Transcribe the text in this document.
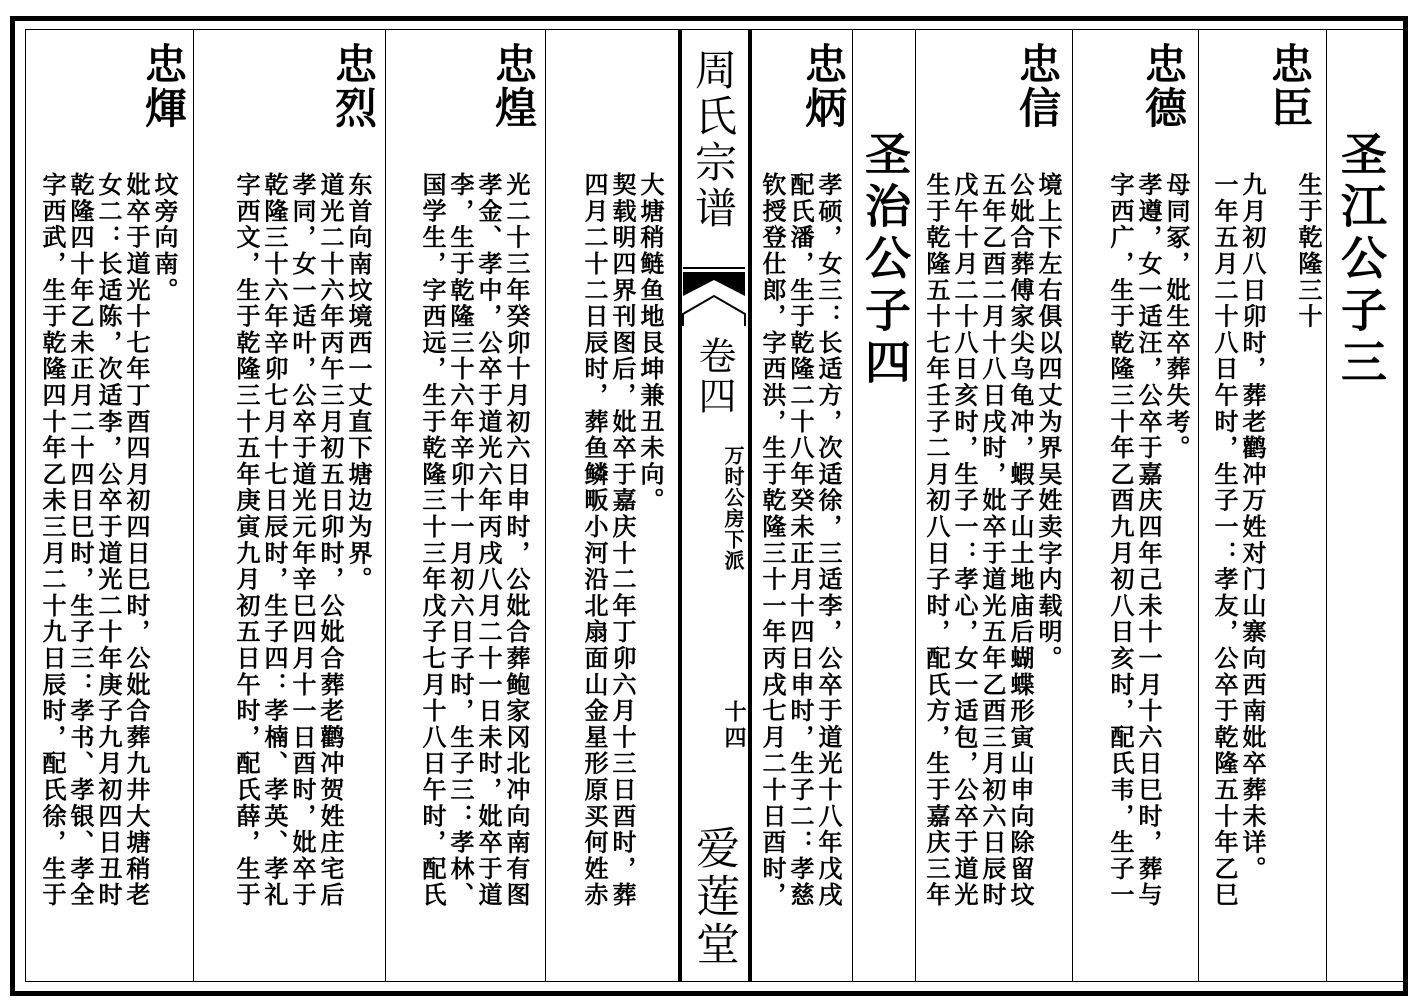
周氏宗谱
卷四
万时公房下派
十四
爱莲堂
圣江公子三
圣治公子四
忠臣
九月初八日卯时，葬老鹳冲万姓对门山寨向西南妣卒葬未详。
一年五月二十八日午时，生子一：孝友，公卒于乾隆五十年乙巳	生于乾隆三十
忠德
母同冢，妣生卒葬失考。
孝遵，女一适汪，公卒于嘉庆四年己未十一月十六日巳时，葬与
字西广，生于乾隆三十年乙酉九月初八日亥时，配氏韦，生子一
忠信
境上下左右俱以四丈为界吴姓卖字内载明。
公妣合葬傅家尖乌龟冲，蝦子山土地庙后蝴蝶形寅山申向除留坟
五年乙酉二月十八日戌时，妣卒于道光五年乙酉三月初六日辰时
戊午十月二十八日亥时，生子一：孝心，女一适包，公卒于道光
生于乾隆五十七年壬子二月初八日子时，配氏方，生于嘉庆三年
忠炳
孝硕，女三：长适方，次适徐，三适李，公卒于道光十八年戊戌
配氏潘，生于乾隆二十八年癸未正月十四日申时，生子二：孝慈
钦授登仕郎，字西洪，生于乾隆三十一年丙戌七月二十日酉时，
大塘稍鲢鱼地艮坤兼丑未向。
契载明四界刊图后，妣卒于嘉庆十二年丁卯六月十三日酉时，葬
四月二十二日辰时，葬鱼鳞畈小河沿北扇面山金星形原买何姓赤
忠煌
光二十三年癸卯十月初六日申时，公妣合葬鲍家冈北冲向南有图
孝金、孝中，公卒于道光六年丙戌八月二十一日未时，妣卒于道
李，生于乾隆三十六年辛卯十一月初六日子时，生子三：孝林、
国学生，字西远，生于乾隆三十三年戊子七月十八日午时，配氏
忠烈
东首向南坟境西一丈直下塘边为界。
道光二十六年丙午三月初五日卯时，公妣合葬老鹳冲贺姓庄宅后
孝同，女一适叶，公卒于道光元年辛巳四月十一日酉时，妣卒于
乾隆三十六年辛卯七月十七日辰时，生子四：孝楠、孝英、孝礼
字西文，生于乾隆三十五年庚寅九月初五日午时，配氏薛，生于
忠煇
坟旁向南。
妣卒于道光十七年丁酉四月初四日巳时，公妣合葬九井大塘稍老
女二：长适陈，次适李，公卒于道光二十年庚子九月初四日丑时
乾隆四十年乙未正月二十四日巳时，生子三：孝书、孝银、孝全
字西武，生于乾隆四十年乙未三月二十九日辰时，配氏徐，生于
